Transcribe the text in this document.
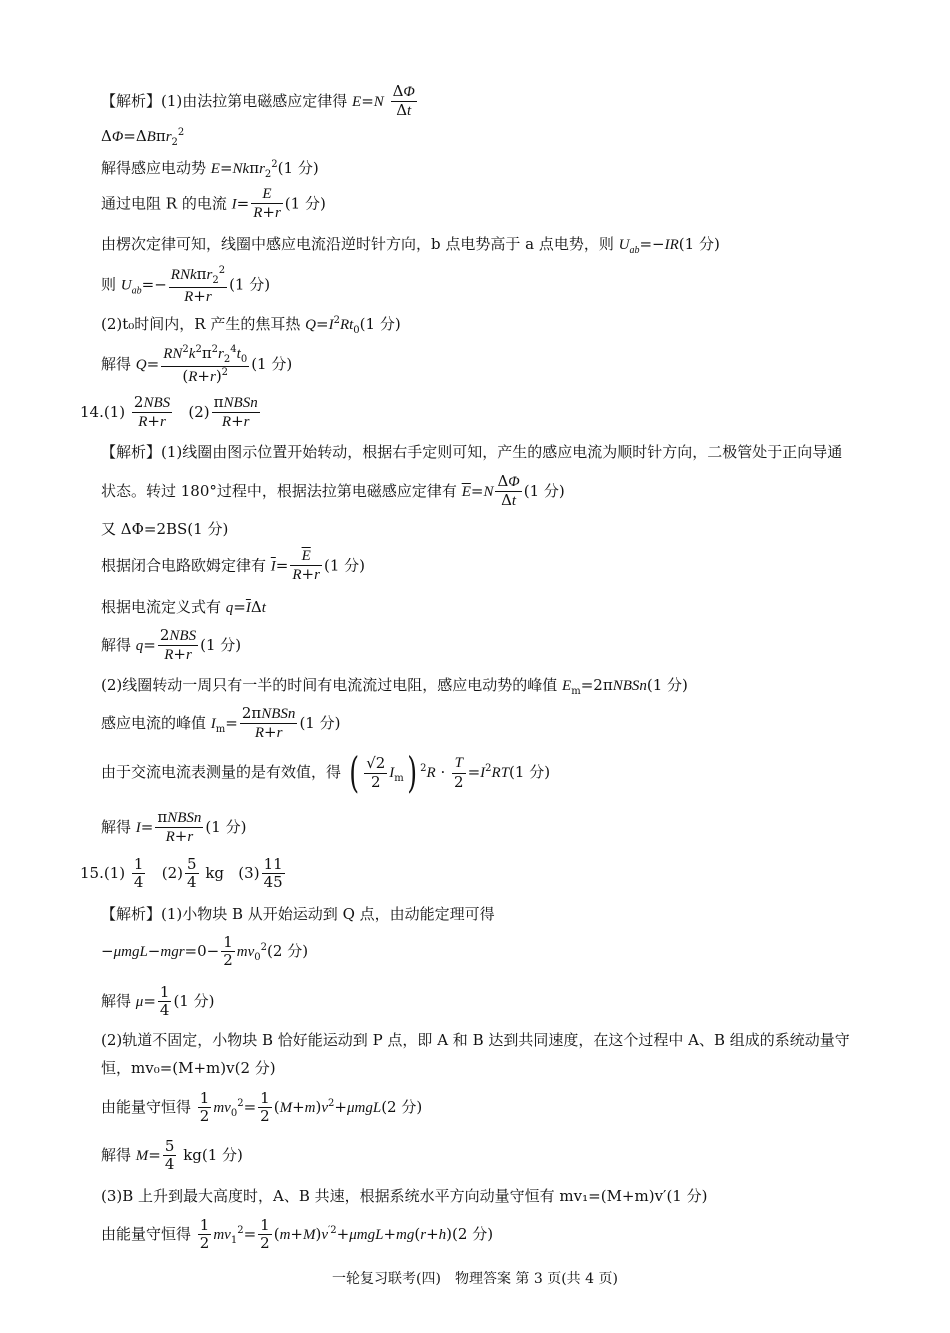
【解析】(1)由法拉第电磁感应定律得 $E=N \frac{\Delta\Phi}{\Delta t}$
ΔΦ=ΔBπr$_2^2$
解得感应电动势 E=Nkπr$_2^2$(1 分)
通过电阻 R 的电流 $I= \frac{E}{R+r} (1$ 分)
由楞次定律可知，线圈中感应电流沿逆时针方向，b 点电势高于 a 点电势，则 $U_{ab}=-IR(1$ 分)
则 $U_{ab}=- \frac{RNk\pi r_2^2}{R+r} (1$ 分)
(2)t₀时间内，R 产生的焦耳热 $Q=I^2Rt_0(1$ 分)
解得 $Q= \frac{RN^2k^2\pi^2r_2^4t_0}{(R+r)^2} (1$ 分)
$14.(1) \frac{\text{2NBS}}{R+r} (2) \frac{\text{πNBSn}}{R+r}$
【解析】(1)线圈由图示位置开始转动，根据右手定则可知，产生的感应电流为顺时针方向，二极管处于正向导通
状态。转过 180°过程中，根据法拉第电磁感应定律有 $\overline{E}=N \frac{\Delta\Phi}{\Delta t} (1$ 分)
又 ΔΦ=2BS(1 分)
根据闭合电路欧姆定律有 $\overline{I}= \frac{\overline{E}}{R+r} (1$ 分)
根据电流定义式有 $q=\overline{I}\Delta t$
解得 $q= \frac{\text{2NBS}}{R+r} (1$ 分)
(2)线圈转动一周只有一半的时间有电流流过电阻，感应电动势的峰值 $E_m=2\pi NBSn(1$ 分)
感应电流的峰值 $I_m= \frac{\text{2πNBSn}}{R+r} (1$ 分)
由于交流电流表测量的是有效值，得 ( $\frac{√2}{2} I_m$) $^2R \cdot \frac{T}{2} =I^2RT(1$ 分)
解得 $I= \frac{\text{πNBSn}}{R+r} (1$ 分)
$15.(1) \frac{1}{4} (2) \frac{5}{4}$ kg   $(3) \frac{11}{45}$
【解析】(1)小物块 B 从开始运动到 Q 点，由动能定理可得
$-\mu mgL-mgr=0- \frac{1}{2} mv_0^2(2$ 分)
解得 $\mu= \frac{1}{4} (1$ 分)
(2)轨道不固定，小物块 B 恰好能运动到 P 点，即 A 和 B 达到共同速度，在这个过程中 A、B 组成的系统动量守
恒，mv₀=(M+m)v(2 分)
由能量守恒得 $\frac{1}{2} mv_0^2= \frac{1}{2} (M+m)v^2+\mu mgL(2$ 分)
解得 $M= \frac{5}{4} kg(1$ 分)
(3)B 上升到最大高度时，A、B 共速，根据系统水平方向动量守恒有 mv₁=(M+m)v′(1 分)
由能量守恒得 $\frac{1}{2} mv_1^2= \frac{1}{2} (m+M)v^{'2}+\mu mgL+mg(r+h)(2$ 分)
一轮复习联考(四)　物理答案 第 3 页(共 4 页)
